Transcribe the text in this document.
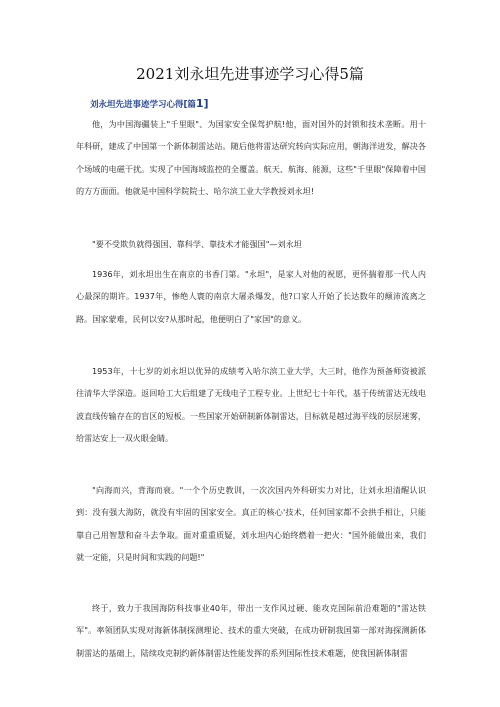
2021刘永坦先进事迹学习心得5篇
刘永坦先进事迹学习心得[篇1]

他，为中国海疆装上"千里眼"、为国家安全保驾护航!他，面对国外的封锁和技术垄断。用十年科研，建成了中国第一个新体制雷达站。随后他将雷达研究转向实际应用，朝海洋进发，解决各个场域的电磁干扰。实现了中国海域监控的全覆盖。航天、航海、能源，这些"千里眼"保障着中国的方方面面。他就是中国科学院院士、哈尔滨工业大学教授刘永坦!

"要不受欺负就得强国、靠科学、靠技术才能强国"—刘永坦

1936年，刘永坦出生在南京的书香门第。"永坦"，是家人对他的祝愿，更怀揣着那一代人内心最深的期许。1937年，惨绝人寰的南京大屠杀爆发，他?口家人开始了长达数年的颠沛流离之路。国家蒙难，民何以安?从那时起，他便明白了"家国"的意义。

1953年，十七岁的刘永坦以优异的成绩考入哈尔滨工业大学，大三时，他作为预备师资被派往清华大学深造。返回哈工大后组建了无线电子工程专业。上世纪七十年代，基于传统雷达无线电波直线传输存在的盲区的短板。一些国家开始研制新体制雷达，目标就是越过海平线的层层迷雾，给雷达安上一双火眼金睛。

"向海而兴，背海而衰。"一个个历史教训，一次次国内外科研实力对比，让刘永坦清醒认识到：没有强大海防，就没有牢固的国家安全。真正的核心'技术，任何国家都不会拱手相让，只能靠自己用智慧和奋斗去争取。面对重重质疑，刘永坦内心始终燃着一把火："国外能做出来，我们就一定能，只是时间和实践的问题!"

终于，致力于我国海防科技事业40年，带出一支作风过硬、能攻克国际前沿难题的"雷达铁军"。率领团队实现对海新体制探测理论、技术的重大突破，在成功研制我国第一部对海探测新体制雷达的基础上，陆续攻克制约新体制雷达性能发挥的系列国际性技术难题，使我国新体制雷
